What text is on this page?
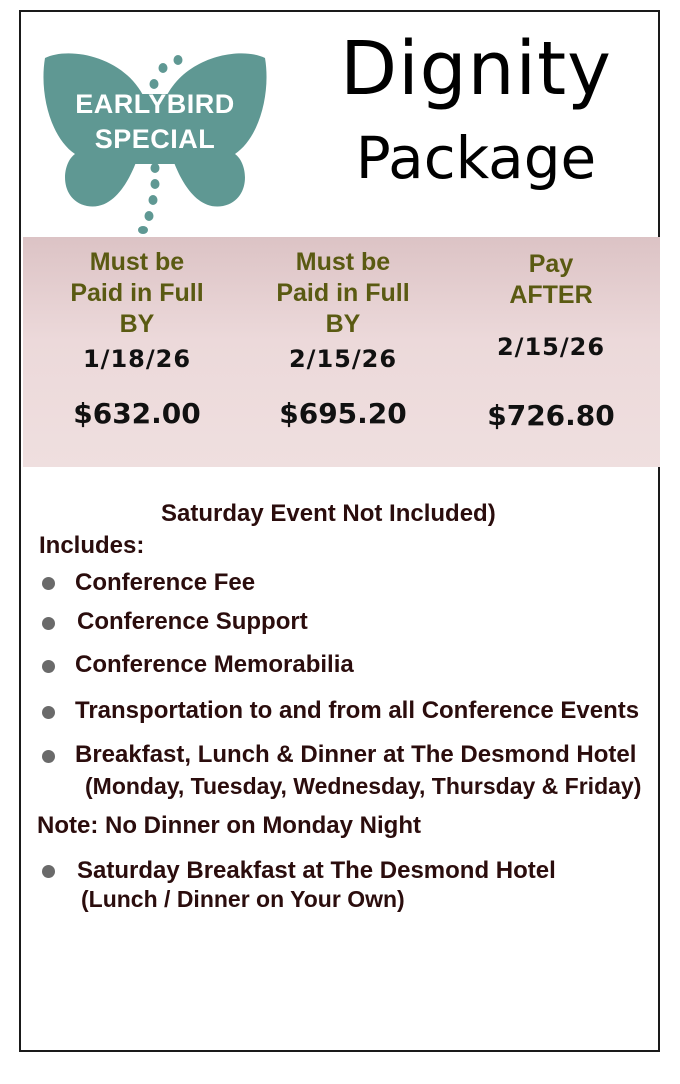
EARLYBIRD
SPECIAL
Dignity
Package
Must be
Paid in Full
BY
1/18/26
$632.00
Must be
Paid in Full
BY
2/15/26
$695.20
Pay
AFTER
2/15/26
$726.80
Saturday Event Not Included)
Includes:
Conference Fee
Conference Support
Conference Memorabilia
Transportation to and from all Conference Events
Breakfast, Lunch & Dinner at The Desmond Hotel
(Monday, Tuesday, Wednesday, Thursday & Friday)
Note: No Dinner on Monday Night
Saturday Breakfast at The Desmond Hotel
(Lunch / Dinner on Your Own)
